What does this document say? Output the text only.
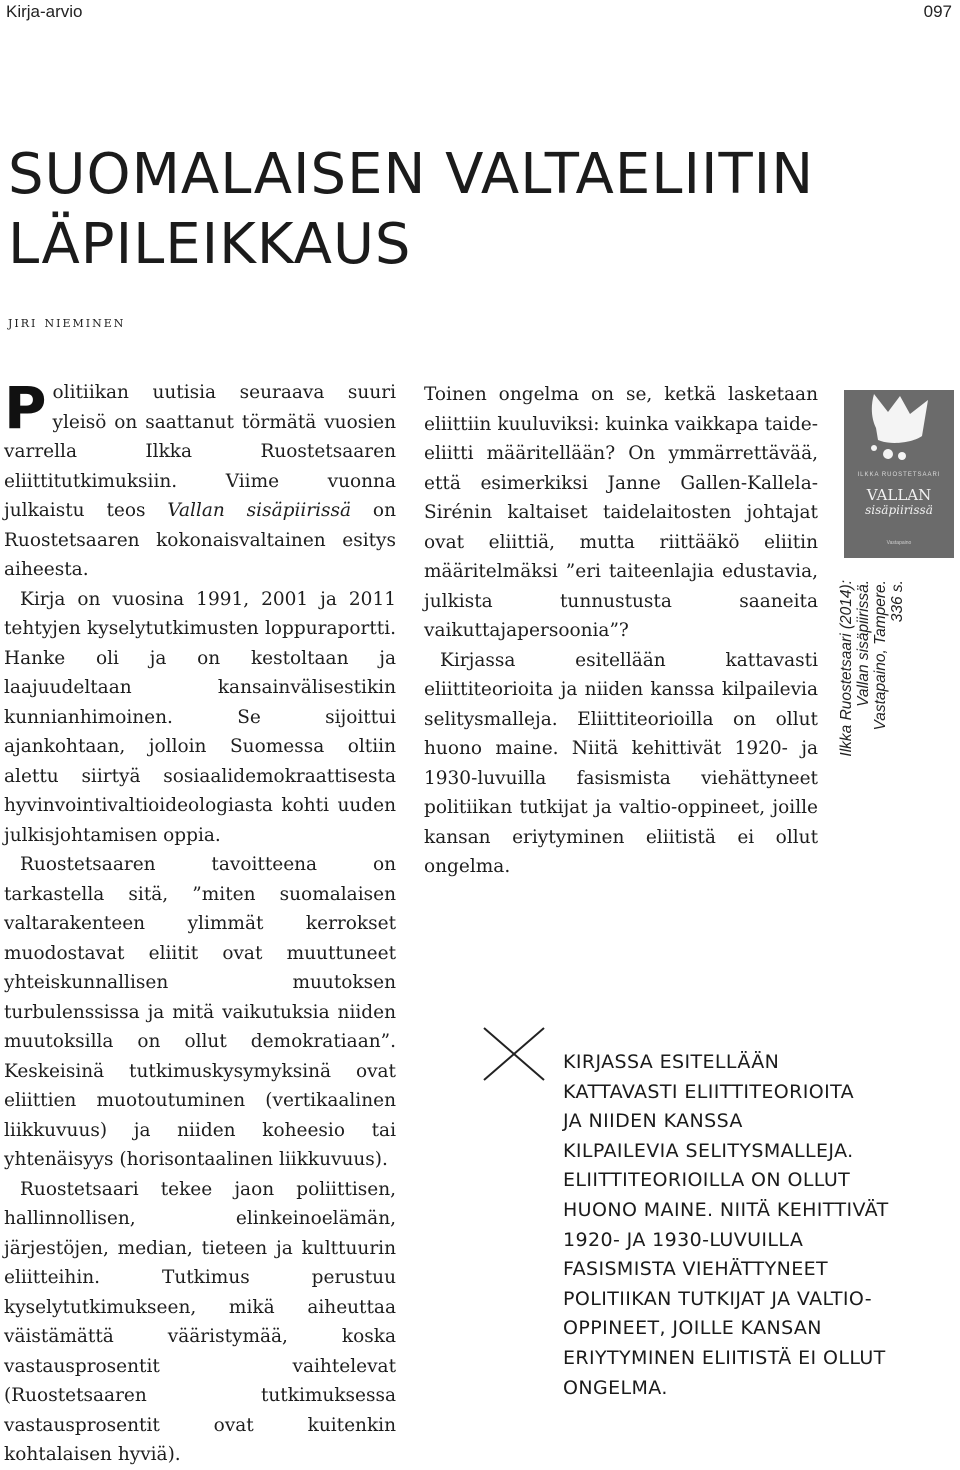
Kirja-arvio	097
SUOMALAISEN VALTAELIITIN
LÄPILEIKKAUS
jiri nieminen

Politiikan uutisia seuraava suuri yleisö on saattanut törmätä vuosien varrella Ilkka Ruostetsaaren eliittitutkimuksiin. Viime vuonna julkaistu teos Vallan sisäpiirissä on Ruostetsaaren kokonaisvaltainen esitys aiheesta.

Kirja on vuosina 1991, 2001 ja 2011 tehtyjen kyselytutkimusten loppuraportti. Hanke oli ja on kestoltaan ja laajuudeltaan kansainvälisestikin kunnianhimoinen. Se sijoittui ajankohtaan, jolloin Suomessa oltiin alettu siirtyä sosiaalidemokraattisesta hyvinvointivaltioideologiasta kohti uuden julkisjohtamisen oppia.

Ruostetsaaren tavoitteena on tarkastella sitä, ”miten suomalaisen valtarakenteen ylimmät kerrokset muodostavat eliitit ovat muuttuneet yhteiskunnallisen muutoksen turbulenssissa ja mitä vaikutuksia niiden muutoksilla on ollut demokratiaan”. Keskeisinä tutkimuskysymyksinä ovat eliittien muotoutuminen (vertikaalinen liikkuvuus) ja niiden koheesio tai yhtenäisyys (horisontaalinen liikkuvuus).

Ruostetsaari tekee jaon poliittisen, hallinnollisen, elinkeinoelämän, järjestöjen, median, tieteen ja kulttuurin eliitteihin. Tutkimus perustuu kyselytutkimukseen, mikä aiheuttaa väistämättä vääristymää, koska vastausprosentit vaihtelevat (Ruostetsaaren tutkimuksessa vastausprosentit ovat kuitenkin kohtalaisen hyviä).

Toinen ongelma on se, ketkä lasketaan eliittiin kuuluviksi: kuinka vaikkapa taide-eliitti määritellään? On ymmärrettävää, että esimerkiksi Janne Gallen-Kallela-Sirénin kaltaiset taidelaitosten johtajat ovat eliittiä, mutta riittääkö eliitin määritelmäksi ”eri taiteenlajia edustavia, julkista tunnustusta saaneita vaikuttajapersoonia”?

Kirjassa esitellään kattavasti eliittiteorioita ja niiden kanssa kilpailevia selitysmalleja. Eliittiteorioilla on ollut huono maine. Niitä kehittivät 1920- ja 1930-luvuilla fasismista viehättyneet politiikan tutkijat ja valtio-oppineet, joille kansan eriytyminen eliitistä ei ollut ongelma.

ILKKA RUOSTETSAARI
VALLAN
sisäpiirissä
Vastapaino
Ilkka Ruostetsaari (2014): Vallan sisäpiirissä. Vastapaino, Tampere. 336 s.
KIRJASSA ESITELLÄÄN
KATTAVASTI ELIITTITEORIOITA
JA NIIDEN KANSSA
KILPAILEVIA SELITYSMALLEJA.
ELIITTITEORIOILLA ON OLLUT
HUONO MAINE. NIITÄ KEHITTIVÄT
1920- JA 1930-LUVUILLA
FASISMISTA VIEHÄTTYNEET
POLITIIKAN TUTKIJAT JA VALTIO-
OPPINEET, JOILLE KANSAN
ERIYTYMINEN ELIITISTÄ EI OLLUT
ONGELMA.
